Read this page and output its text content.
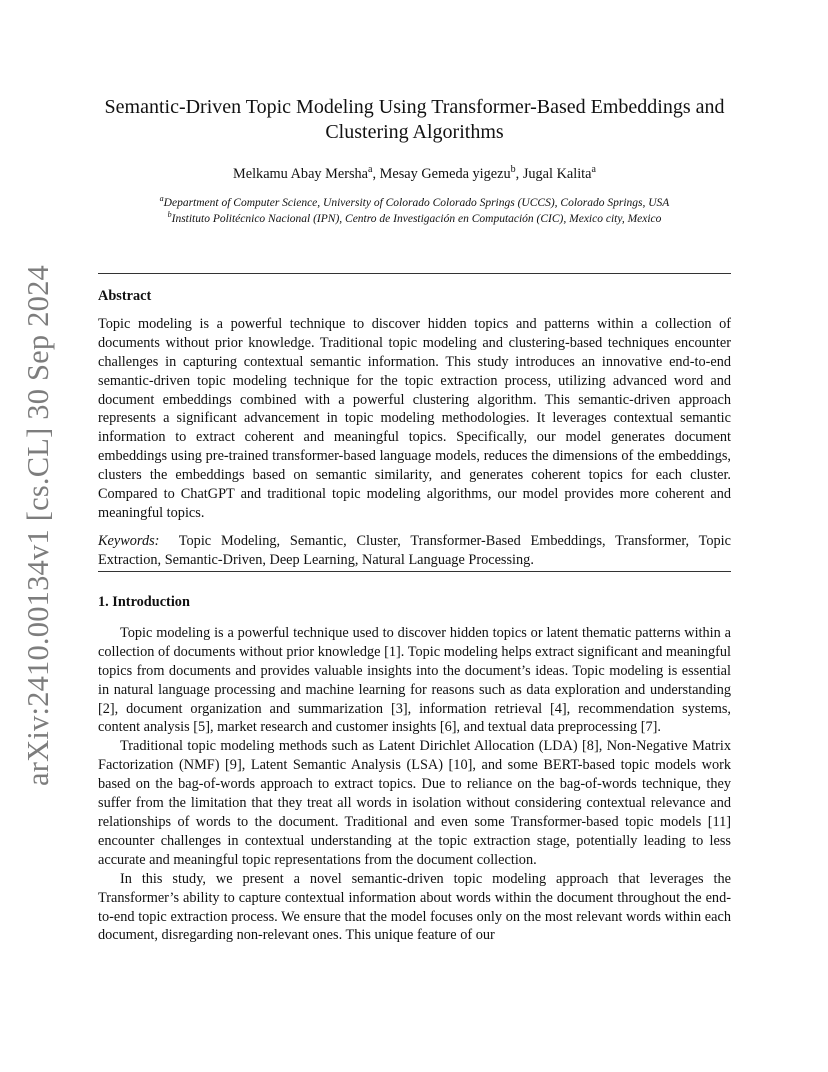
arXiv:2410.00134v1 [cs.CL] 30 Sep 2024
Semantic-Driven Topic Modeling Using Transformer-Based Embeddings and Clustering Algorithms
Melkamu Abay Mersha$^a$, Mesay Gemeda yigezu$^b$, Jugal Kalita$^a$
$^a$Department of Computer Science, University of Colorado Colorado Springs (UCCS), Colorado Springs, USA
$^b$Instituto Politécnico Nacional (IPN), Centro de Investigación en Computación (CIC), Mexico city, Mexico
Abstract

Topic modeling is a powerful technique to discover hidden topics and patterns within a collection of documents without prior knowledge. Traditional topic modeling and clustering-based techniques encounter challenges in capturing contextual semantic information. This study introduces an innovative end-to-end semantic-driven topic modeling technique for the topic extraction process, utilizing advanced word and document embeddings combined with a powerful clustering algorithm. This semantic-driven approach represents a significant advancement in topic modeling methodologies. It leverages contextual semantic information to extract coherent and meaningful topics. Specifically, our model generates document embeddings using pre-trained transformer-based language models, reduces the dimensions of the embeddings, clusters the embeddings based on semantic similarity, and generates coherent topics for each cluster. Compared to ChatGPT and traditional topic modeling algorithms, our model provides more coherent and meaningful topics.

Keywords: Topic Modeling, Semantic, Cluster, Transformer-Based Embeddings, Transformer, Topic Extraction, Semantic-Driven, Deep Learning, Natural Language Processing.

1. Introduction

Topic modeling is a powerful technique used to discover hidden topics or latent thematic patterns within a collection of documents without prior knowledge [1]. Topic modeling helps extract significant and meaningful topics from documents and provides valuable insights into the document’s ideas. Topic modeling is essential in natural language processing and machine learning for reasons such as data exploration and understanding [2], document organization and summarization [3], information retrieval [4], recommendation systems, content analysis [5], market research and customer insights [6], and textual data preprocessing [7].

Traditional topic modeling methods such as Latent Dirichlet Allocation (LDA) [8], Non-Negative Matrix Factorization (NMF) [9], Latent Semantic Analysis (LSA) [10], and some BERT-based topic models work based on the bag-of-words approach to extract topics. Due to reliance on the bag-of-words technique, they suffer from the limitation that they treat all words in isolation without considering contextual relevance and relationships of words to the document. Traditional and even some Transformer-based topic models [11] encounter challenges in contextual understanding at the topic extraction stage, potentially leading to less accurate and meaningful topic representations from the document collection.

In this study, we present a novel semantic-driven topic modeling approach that leverages the Transformer’s ability to capture contextual information about words within the document throughout the end-to-end topic extraction process. We ensure that the model focuses only on the most relevant words within each document, disregarding non-relevant ones. This unique feature of our
